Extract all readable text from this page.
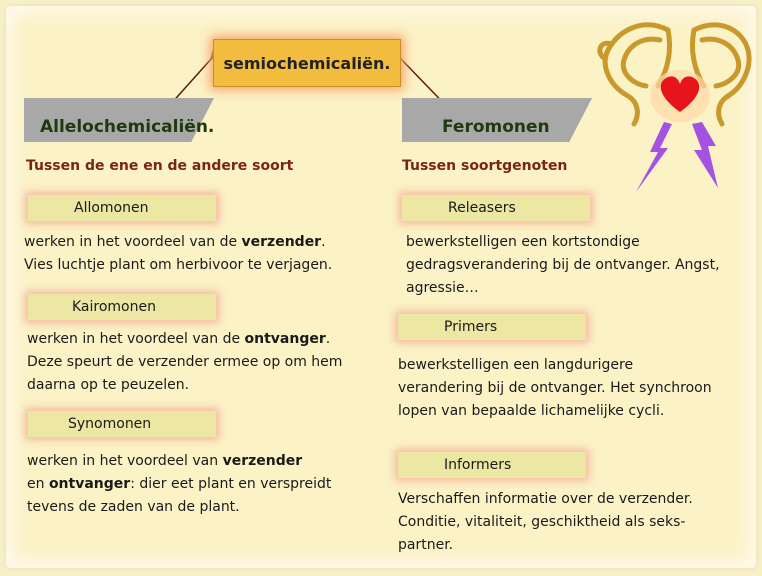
semiochemicaliën.
Allelochemicaliën.
Tussen de ene en de andere soort
Allomonen
werken in het voordeel van de verzender.
Vies luchtje plant om herbivoor te verjagen.
Kairomonen
werken in het voordeel van de ontvanger.
Deze speurt de verzender ermee op om hem
daarna op te peuzelen.
Synomonen
werken in het voordeel van verzender
en ontvanger: dier eet plant en verspreidt
tevens de zaden van de plant.
Feromonen
Tussen soortgenoten
Releasers
bewerkstelligen een kortstondige
gedragsverandering bij de ontvanger. Angst,
agressie…
Primers
bewerkstelligen een langdurigere
verandering bij de ontvanger. Het synchroon
lopen van bepaalde lichamelijke cycli.
Informers
Verschaffen informatie over de verzender.
Conditie, vitaliteit, geschiktheid als seks-
partner.
